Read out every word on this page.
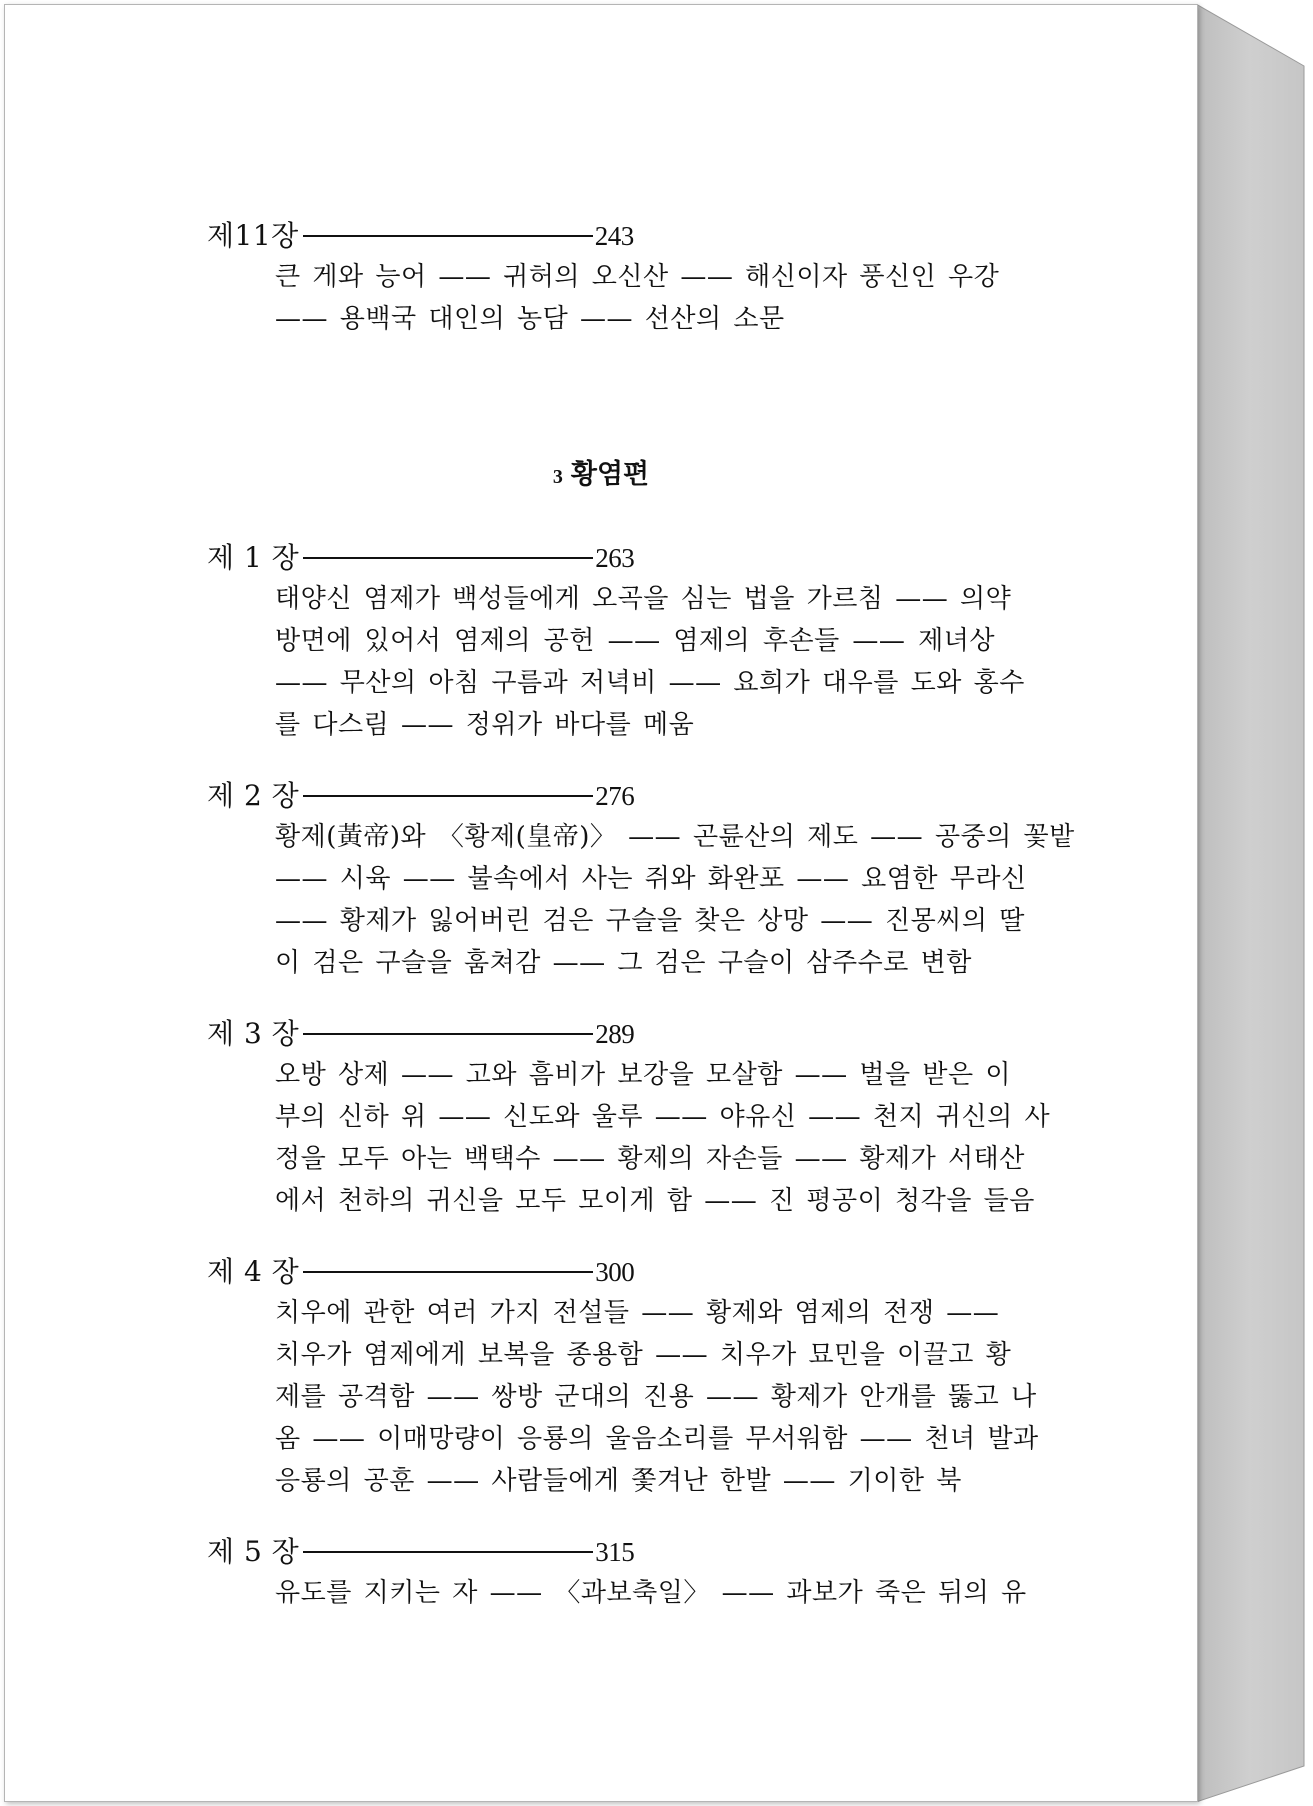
제11장	243
큰 게와 능어 —— 귀허의 오신산 —— 해신이자 풍신인 우강
—— 용백국 대인의 농담 —— 선산의 소문
3 황염편
제 1 장	263
태양신 염제가 백성들에게 오곡을 심는 법을 가르침 —— 의약
방면에 있어서 염제의 공헌 —— 염제의 후손들 —— 제녀상
—— 무산의 아침 구름과 저녁비 —— 요희가 대우를 도와 홍수
를 다스림 —— 정위가 바다를 메움
제 2 장	276
황제(黃帝)와 〈황제(皇帝)〉 —— 곤륜산의 제도 —— 공중의 꽃밭
—— 시육 —— 불속에서 사는 쥐와 화완포 —— 요염한 무라신
—— 황제가 잃어버린 검은 구슬을 찾은 상망 —— 진몽씨의 딸
이 검은 구슬을 훔쳐감 —— 그 검은 구슬이 삼주수로 변함
제 3 장	289
오방 상제 —— 고와 흠비가 보강을 모살함 —— 벌을 받은 이
부의 신하 위 —— 신도와 울루 —— 야유신 —— 천지 귀신의 사
정을 모두 아는 백택수 —— 황제의 자손들 —— 황제가 서태산
에서 천하의 귀신을 모두 모이게 함 —— 진 평공이 청각을 들음
제 4 장	300
치우에 관한 여러 가지 전설들 —— 황제와 염제의 전쟁 ——
치우가 염제에게 보복을 종용함 —— 치우가 묘민을 이끌고 황
제를 공격함 —— 쌍방 군대의 진용 —— 황제가 안개를 뚫고 나
옴 —— 이매망량이 응룡의 울음소리를 무서워함 —— 천녀 발과
응룡의 공훈 —— 사람들에게 쫓겨난 한발 —— 기이한 북
제 5 장	315
유도를 지키는 자 —— 〈과보축일〉 —— 과보가 죽은 뒤의 유
